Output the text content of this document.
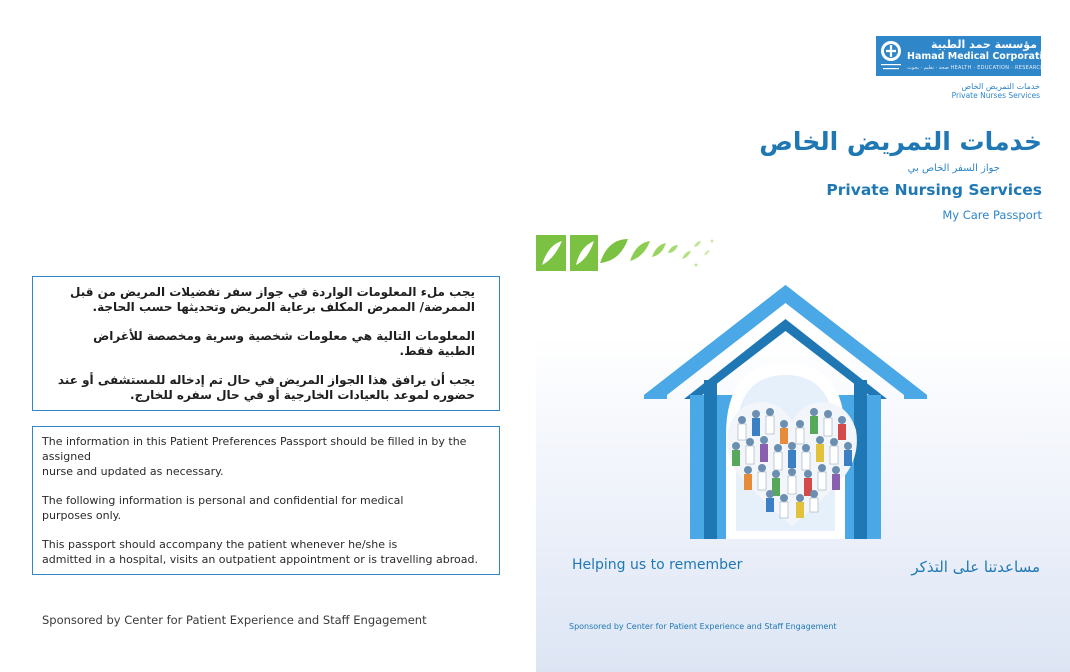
يجب ملء المعلومات الواردة في جواز سفر تفضيلات المريض من قبل الممرضة/ الممرض المكلف برعاية المريض وتحديثها حسب الحاجة.

المعلومات التالية هي معلومات شخصية وسرية ومخصصة للأغراض الطبية فقط.

يجب أن يرافق هذا الجواز المريض في حال تم إدخاله للمستشفى أو عند حضوره لموعد بالعيادات الخارجية أو في حال سفره للخارج.

The information in this Patient Preferences Passport should be filled in by the assigned
nurse and updated as necessary.

The following information is personal and confidential for medical
purposes only.

This passport should accompany the patient whenever he/she is
admitted in a hospital, visits an outpatient appointment or is travelling abroad.

Sponsored by Center for Patient Experience and Staff Engagement
مؤسسة حمد الطبية
Hamad Medical Corporation
صحة · تعليم · بحوث HEALTH · EDUCATION · RESEARCH
خدمات التمريض الخاص
Private Nurses Services
خدمات التمريض الخاص
جواز السفر الخاص بي
Private Nursing Services
My Care Passport
Helping us to remember	مساعدتنا على التذكر
Sponsored by Center for Patient Experience and Staff Engagement
